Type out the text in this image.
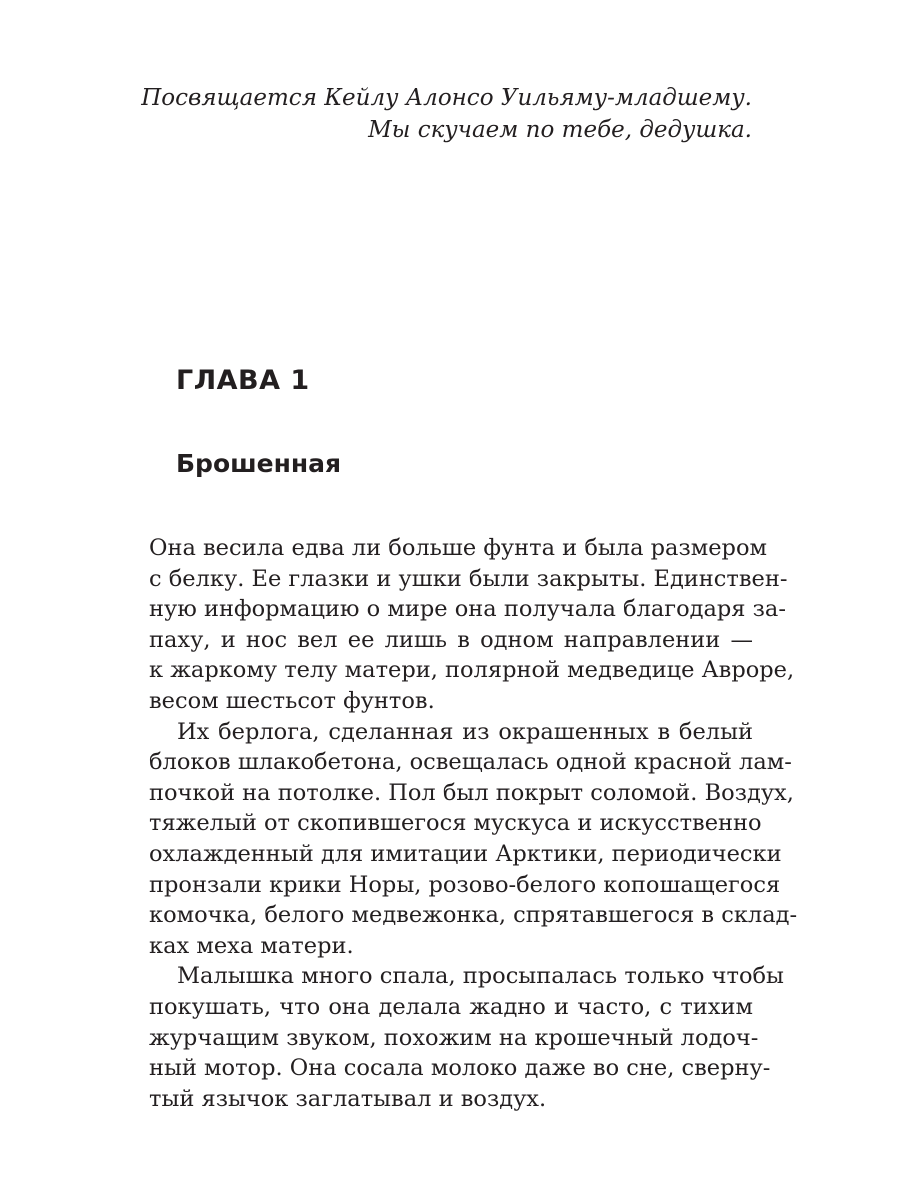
Посвящается Кейлу Алонсо Уильяму-младшему.
Мы скучаем по тебе, дедушка.
ГЛАВА 1
Брошенная
Она весила едва ли больше фунта и была размером
с белку. Ее глазки и ушки были закрыты. Единствен-
ную информацию о мире она получала благодаря за-
паху, и нос вел ее лишь в одном направлении —
к жаркому телу матери, полярной медведице Авроре,
весом шестьсот фунтов.
Их берлога, сделанная из окрашенных в белый
блоков шлакобетона, освещалась одной красной лам-
почкой на потолке. Пол был покрыт соломой. Воздух,
тяжелый от скопившегося мускуса и искусственно
охлажденный для имитации Арктики, периодически
пронзали крики Норы, розово-белого копошащегося
комочка, белого медвежонка, спрятавшегося в склад-
ках меха матери.
Малышка много спала, просыпалась только чтобы
покушать, что она делала жадно и часто, с тихим
журчащим звуком, похожим на крошечный лодоч-
ный мотор. Она сосала молоко даже во сне, сверну-
тый язычок заглатывал и воздух.
